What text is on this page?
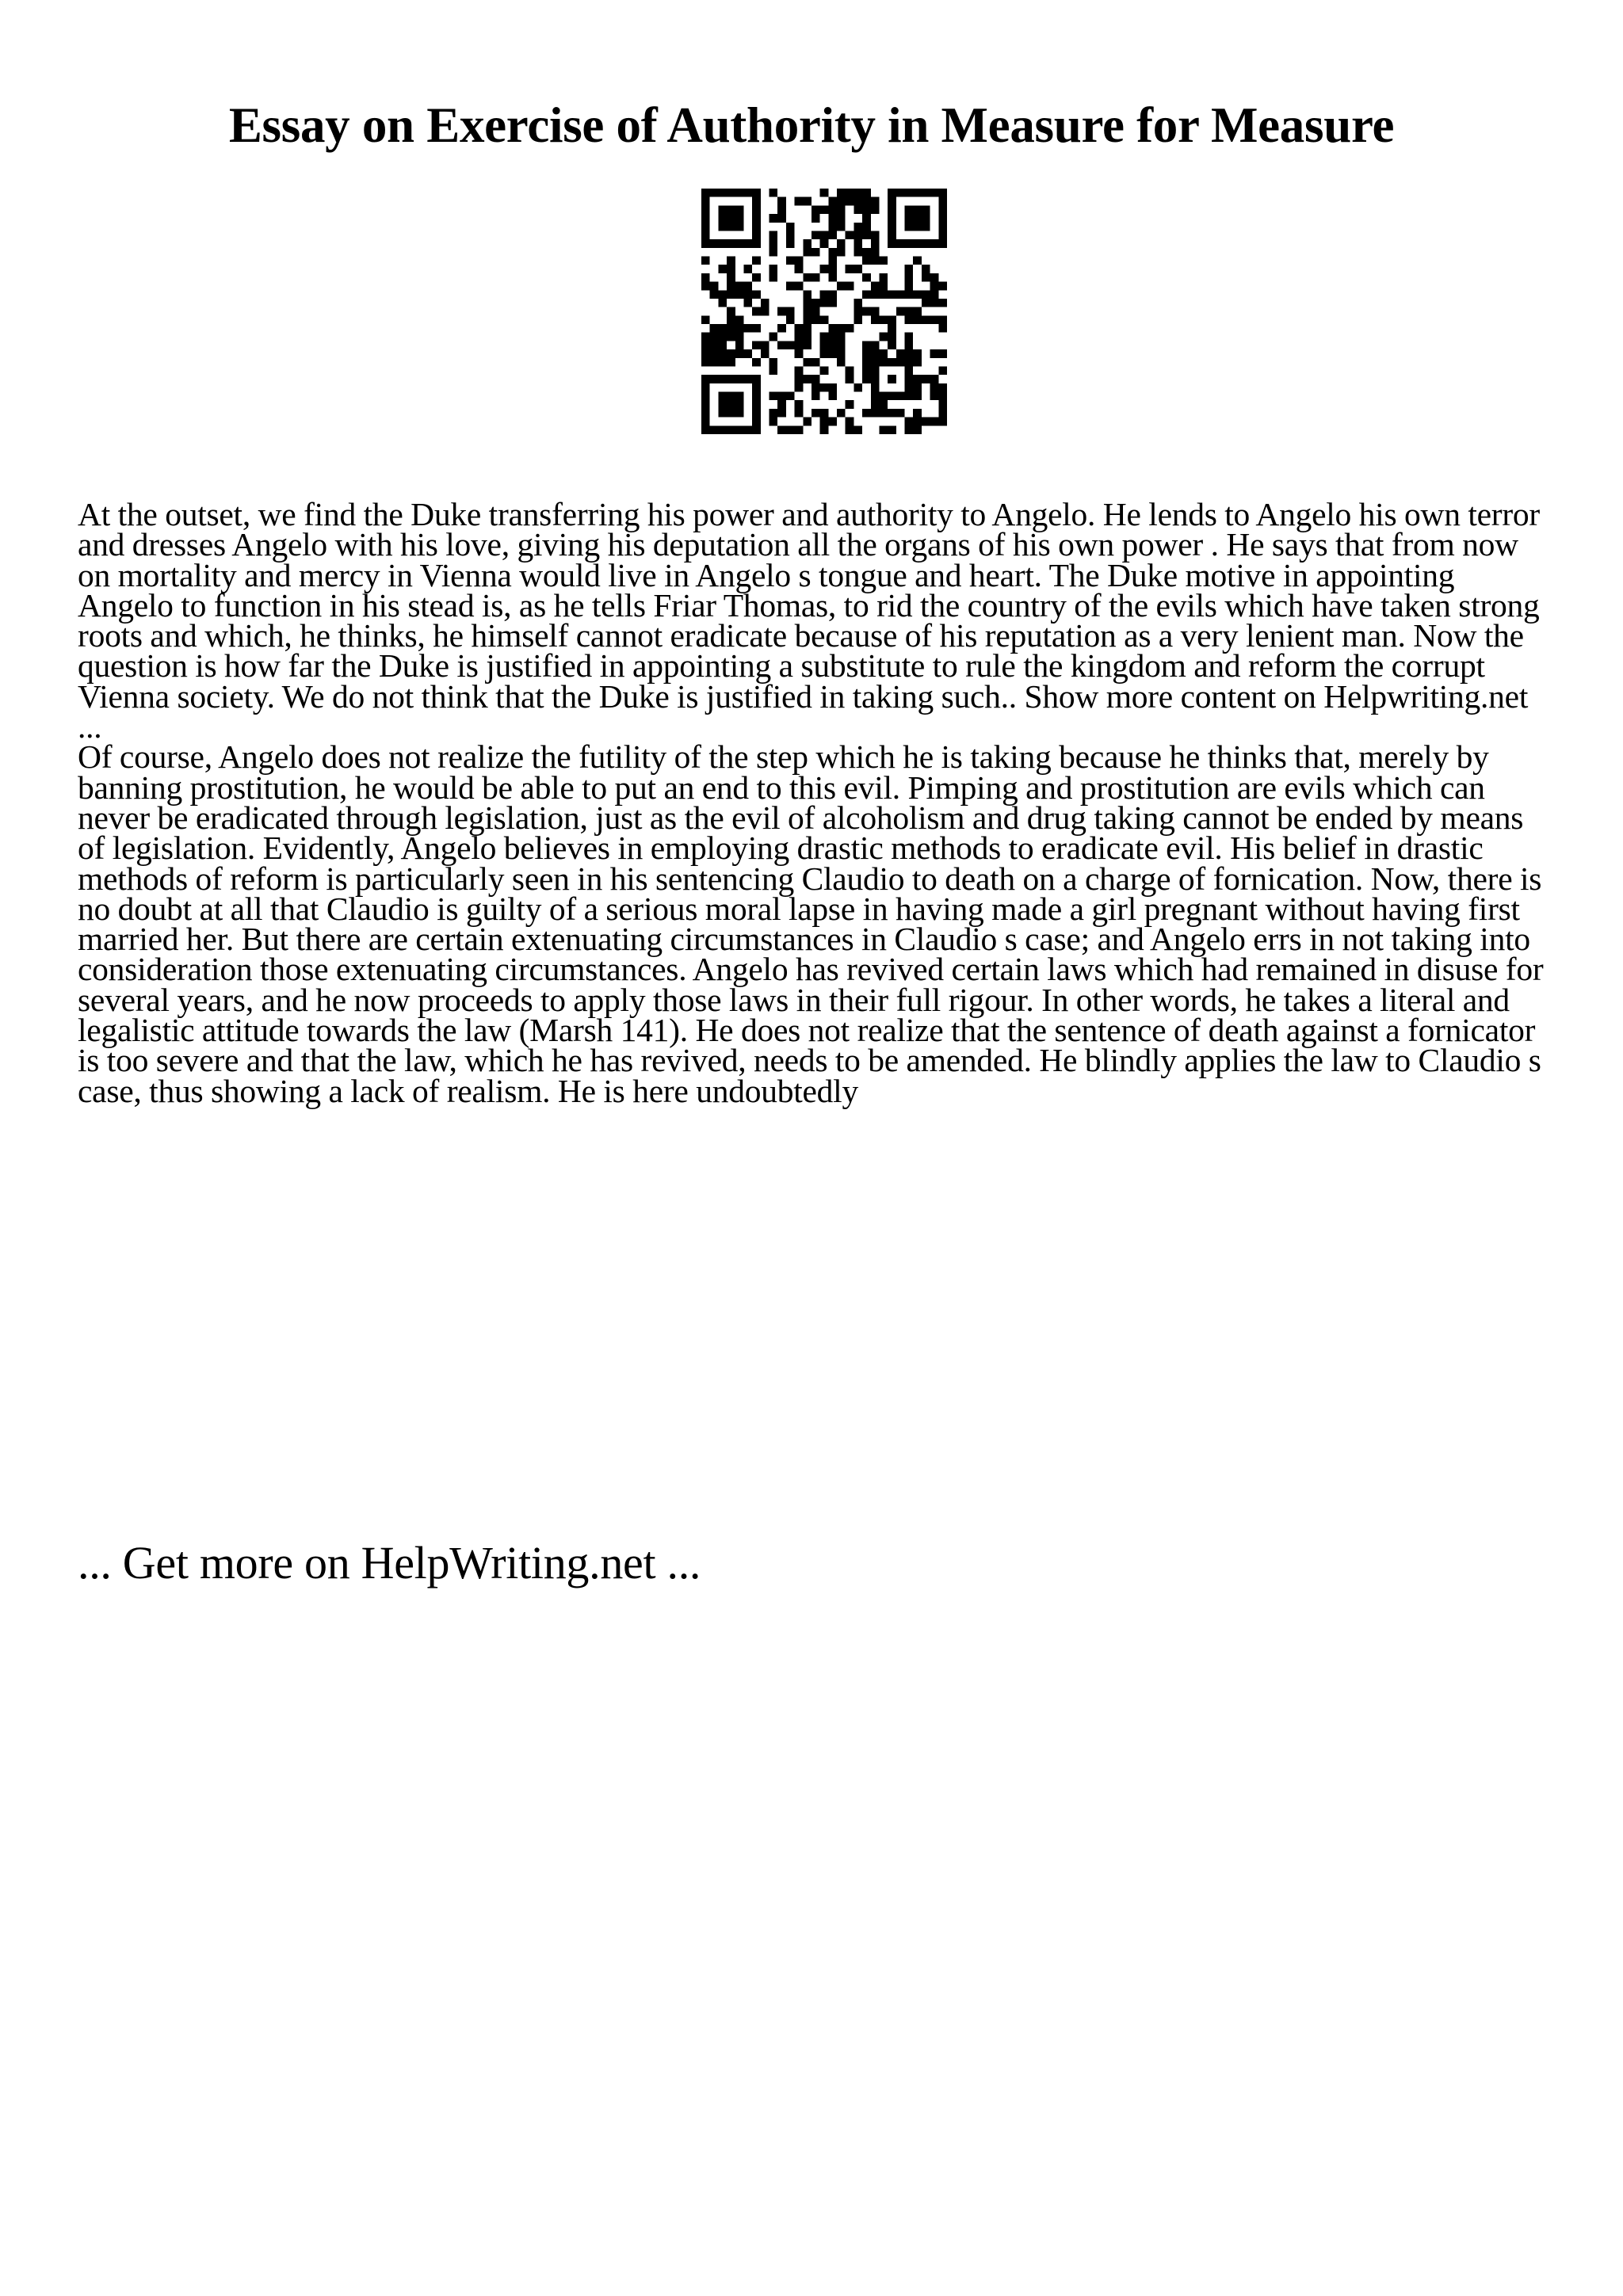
Essay on Exercise of Authority in Measure for Measure

At the outset, we find the Duke transferring his power and authority to Angelo. He lends to Angelo his own terror and dresses Angelo with his love, giving his deputation all the organs of his own power . He says that from now on mortality and mercy in Vienna would live in Angelo s tongue and heart. The Duke motive in appointing Angelo to function in his stead is, as he tells Friar Thomas, to rid the country of the evils which have taken strong roots and which, he thinks, he himself cannot eradicate because of his reputation as a very lenient man. Now the question is how far the Duke is justified in appointing a substitute to rule the kingdom and reform the corrupt Vienna society. We do not think that the Duke is justified in taking such.. Show more content on Helpwriting.net ...

Of course, Angelo does not realize the futility of the step which he is taking because he thinks that, merely by banning prostitution, he would be able to put an end to this evil. Pimping and prostitution are evils which can never be eradicated through legislation, just as the evil of alcoholism and drug taking cannot be ended by means of legislation. Evidently, Angelo believes in employing drastic methods to eradicate evil. His belief in drastic methods of reform is particularly seen in his sentencing Claudio to death on a charge of fornication. Now, there is no doubt at all that Claudio is guilty of a serious moral lapse in having made a girl pregnant without having first married her. But there are certain extenuating circumstances in Claudio s case; and Angelo errs in not taking into consideration those extenuating circumstances. Angelo has revived certain laws which had remained in disuse for several years, and he now proceeds to apply those laws in their full rigour. In other words, he takes a literal and legalistic attitude towards the law (Marsh 141). He does not realize that the sentence of death against a fornicator is too severe and that the law, which he has revived, needs to be amended. He blindly applies the law to Claudio s case, thus showing a lack of realism. He is here undoubtedly

... Get more on HelpWriting.net ...
